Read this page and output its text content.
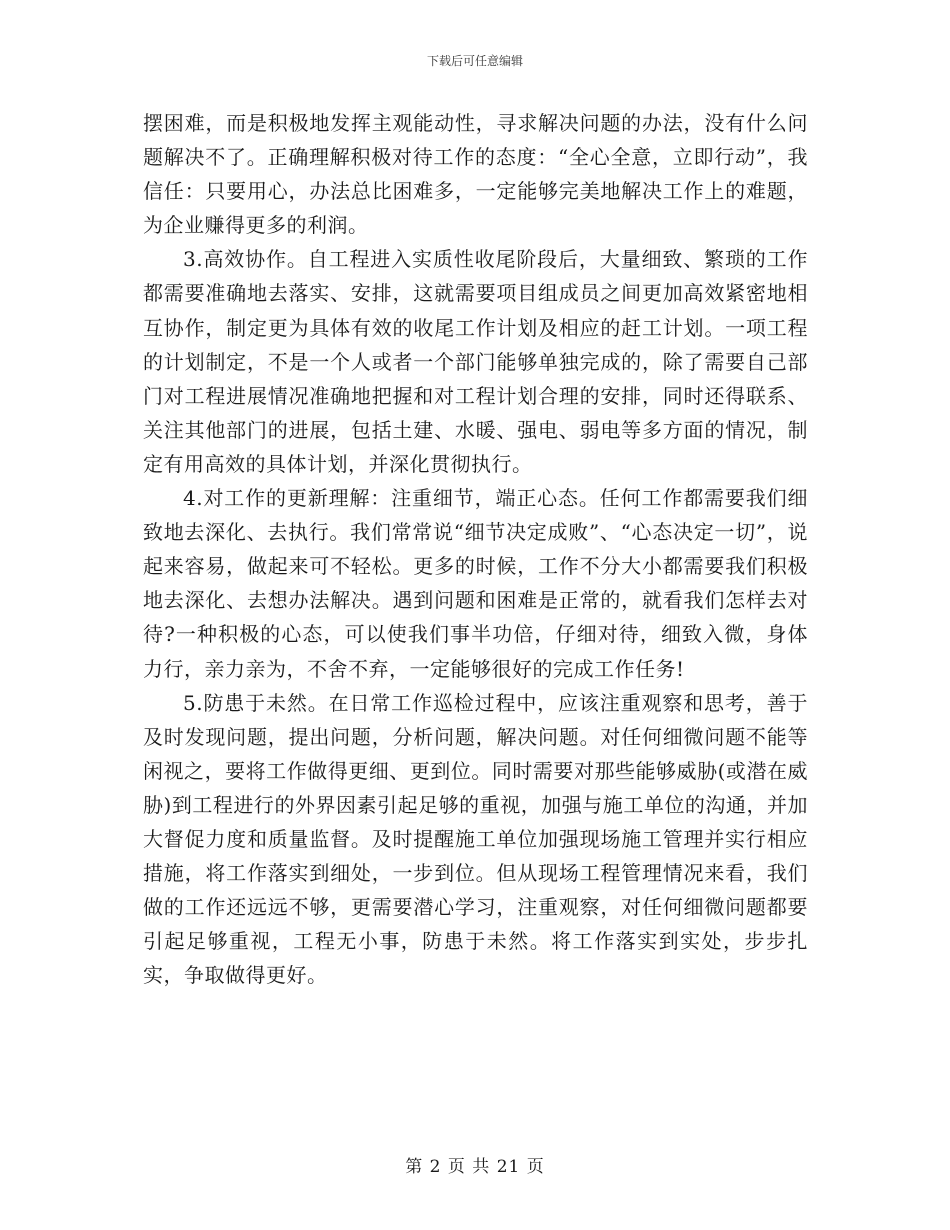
下载后可任意编辑

摆困难，而是积极地发挥主观能动性，寻求解决问题的办法，没有什么问题解决不了。正确理解积极对待工作的态度：“全心全意，立即行动”，我信任：只要用心，办法总比困难多，一定能够完美地解决工作上的难题，为企业赚得更多的利润。

3.高效协作。自工程进入实质性收尾阶段后，大量细致、繁琐的工作都需要准确地去落实、安排，这就需要项目组成员之间更加高效紧密地相互协作，制定更为具体有效的收尾工作计划及相应的赶工计划。一项工程的计划制定，不是一个人或者一个部门能够单独完成的，除了需要自己部门对工程进展情况准确地把握和对工程计划合理的安排，同时还得联系、关注其他部门的进展，包括土建、水暖、强电、弱电等多方面的情况，制定有用高效的具体计划，并深化贯彻执行。

4.对工作的更新理解：注重细节，端正心态。任何工作都需要我们细致地去深化、去执行。我们常常说“细节决定成败”、“心态决定一切”，说起来容易，做起来可不轻松。更多的时候，工作不分大小都需要我们积极地去深化、去想办法解决。遇到问题和困难是正常的，就看我们怎样去对待?一种积极的心态，可以使我们事半功倍，仔细对待，细致入微，身体力行，亲力亲为，不舍不弃，一定能够很好的完成工作任务!

5.防患于未然。在日常工作巡检过程中，应该注重观察和思考，善于及时发现问题，提出问题，分析问题，解决问题。对任何细微问题不能等闲视之，要将工作做得更细、更到位。同时需要对那些能够威胁(或潜在威胁)到工程进行的外界因素引起足够的重视，加强与施工单位的沟通，并加大督促力度和质量监督。及时提醒施工单位加强现场施工管理并实行相应措施，将工作落实到细处，一步到位。但从现场工程管理情况来看，我们做的工作还远远不够，更需要潜心学习，注重观察，对任何细微问题都要引起足够重视，工程无小事，防患于未然。将工作落实到实处，步步扎实，争取做得更好。

第 2 页 共 21 页
